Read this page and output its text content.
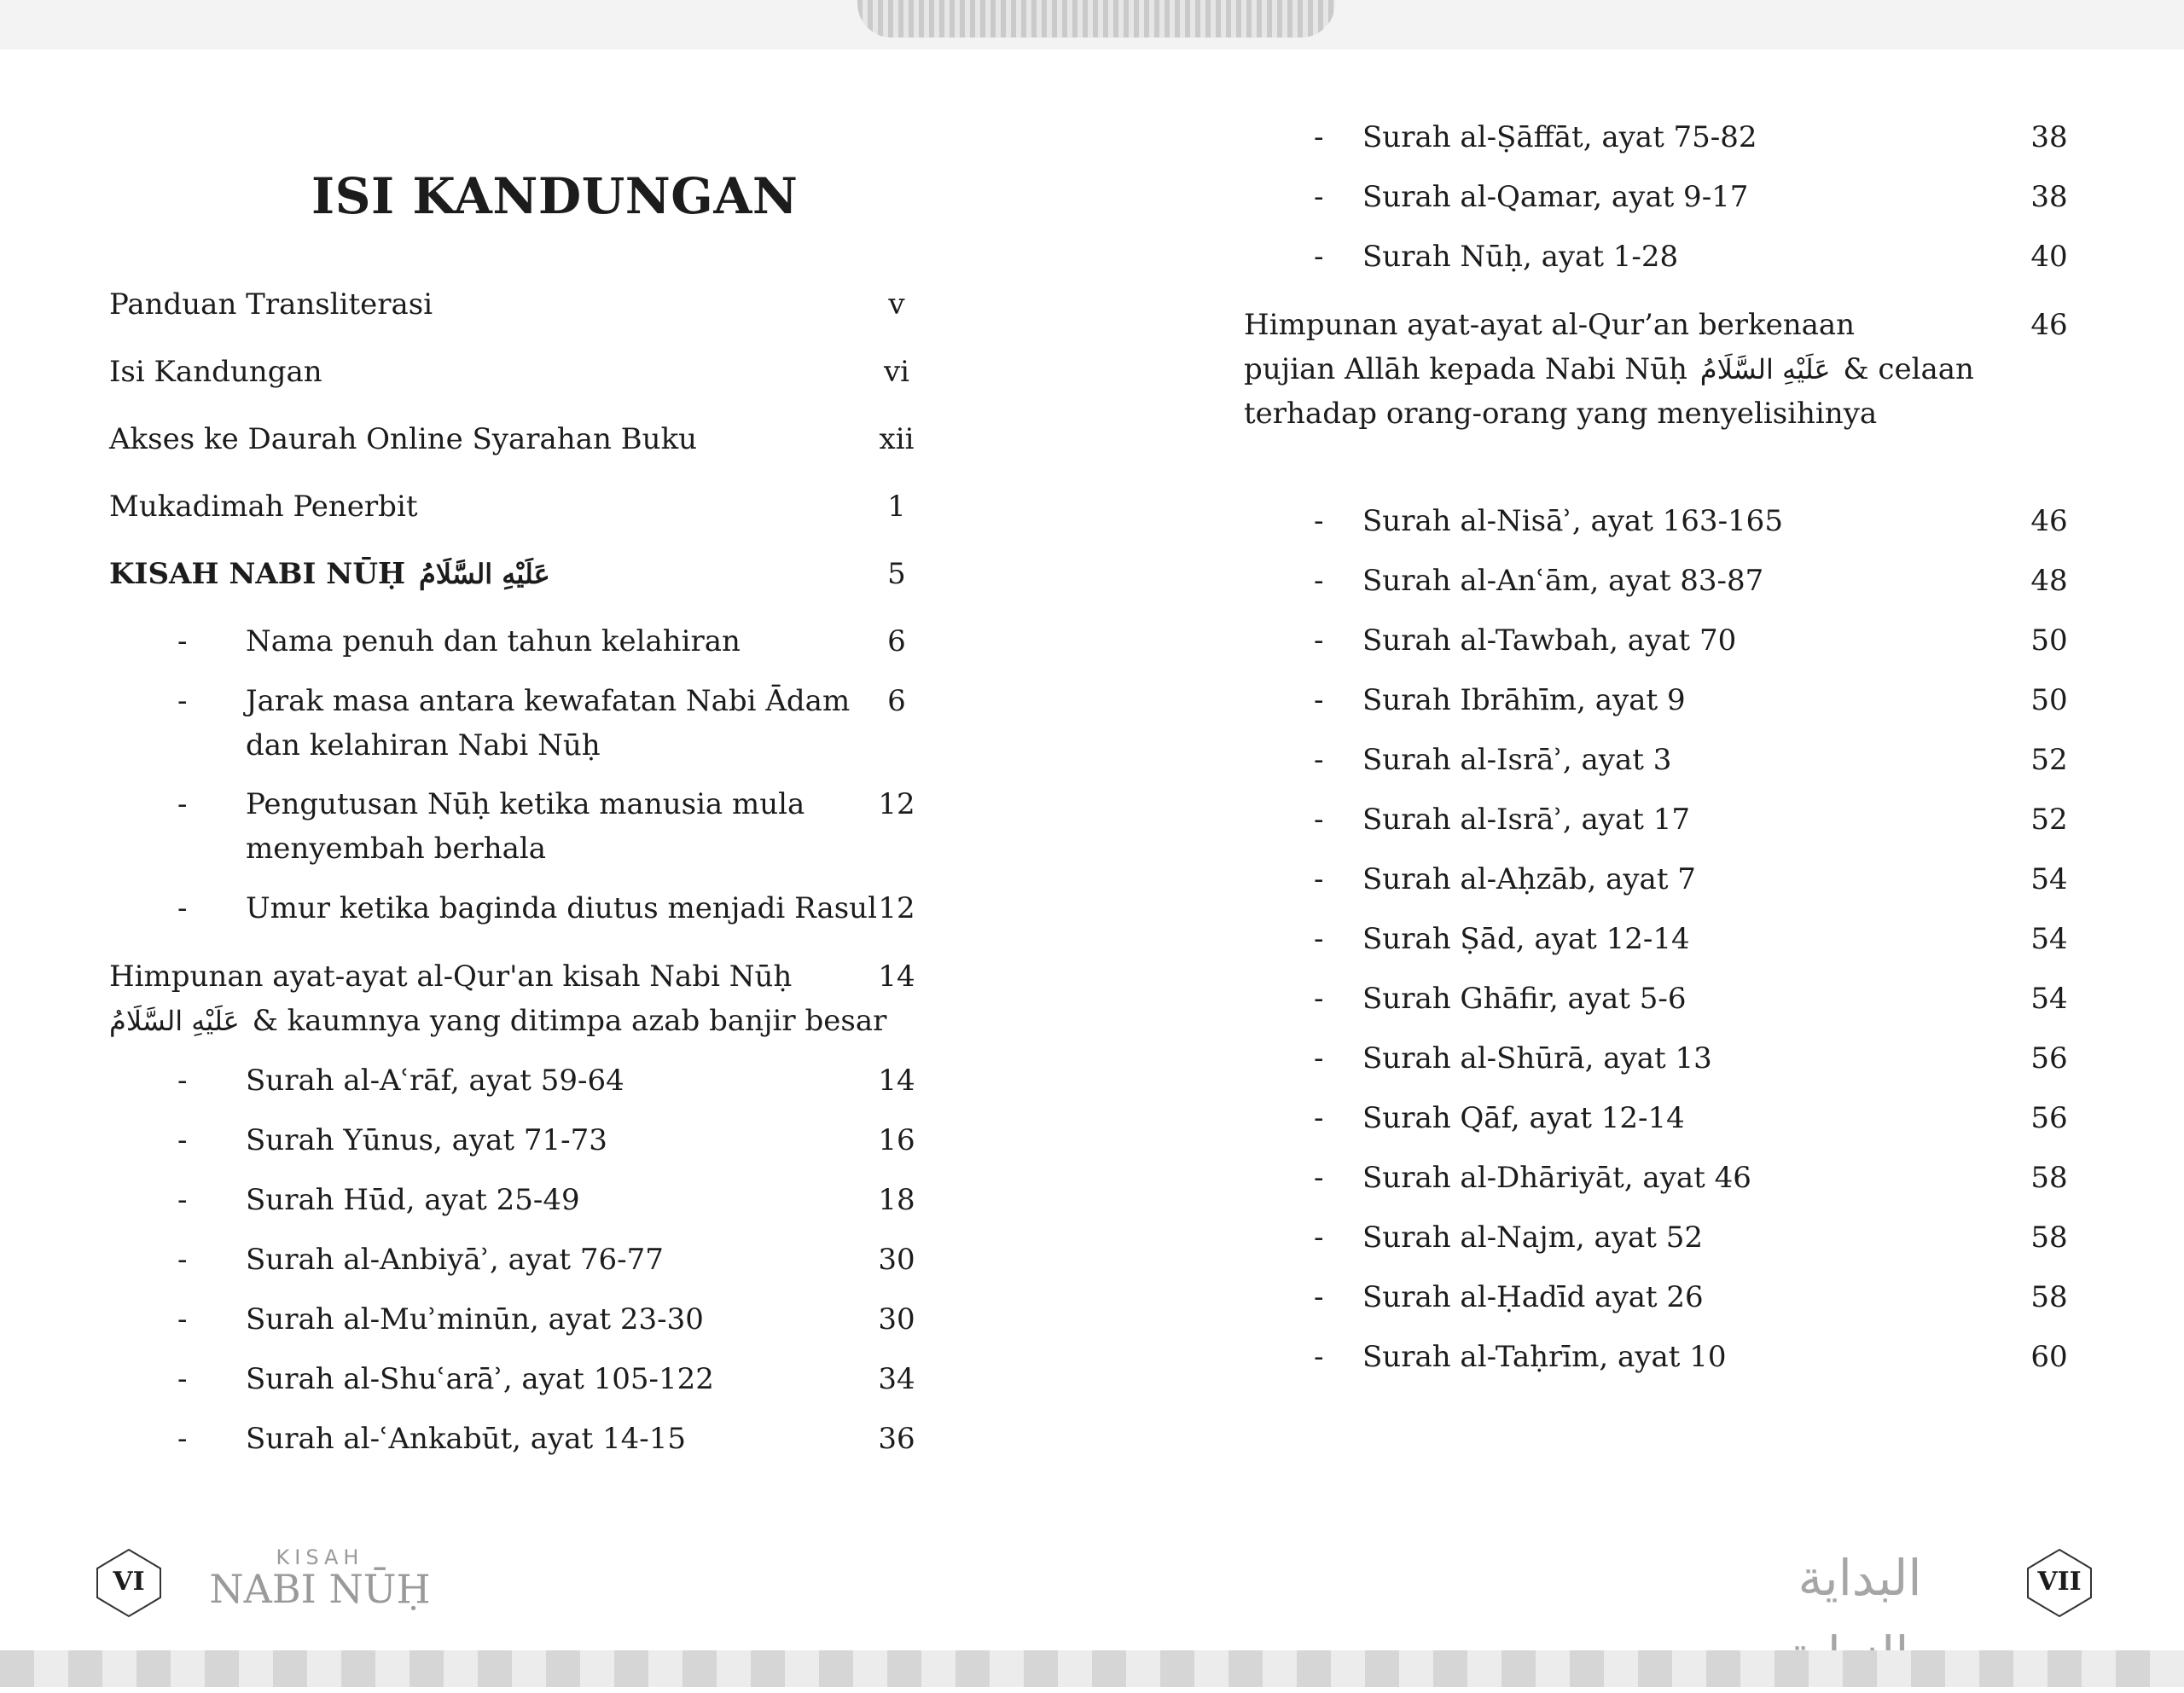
ISI KANDUNGAN
Panduan Transliterasi	v
Isi Kandungan	vi
Akses ke Daurah Online Syarahan Buku	xii
Mukadimah Penerbit	1
KISAH NABI NŪḤ عَلَيْهِ السَّلَامُ	5
- Nama penuh dan tahun kelahiran	6
- Jarak masa antara kewafatan Nabi Ādam
dan kelahiran Nabi Nūḥ
6
- Pengutusan Nūḥ ketika manusia mula
menyembah berhala
12
- Umur ketika baginda diutus menjadi Rasul 12
Himpunan ayat-ayat al-Qur'an kisah Nabi Nūḥ
عَلَيْهِ السَّلَامُ & kaumnya yang ditimpa azab banjir besar
14
- Surah al-Aʿrāf, ayat 59-64	14
- Surah Yūnus, ayat 71-73	16
- Surah Hūd, ayat 25-49	18
- Surah al-Anbiyāʾ, ayat 76-77	30
- Surah al-Muʾminūn, ayat 23-30	30
- Surah al-Shuʿarāʾ, ayat 105-122	34
- Surah al-ʿAnkabūt, ayat 14-15	36
- Surah al-Ṣāffāt, ayat 75-82	38
- Surah al-Qamar, ayat 9-17	38
- Surah Nūḥ, ayat 1-28	40
Himpunan ayat-ayat al-Qur’an berkenaan
pujian Allāh kepada Nabi Nūḥ عَلَيْهِ السَّلَامُ & celaan
terhadap orang-orang yang menyelisihinya
46
- Surah al-Nisāʾ, ayat 163-165	46
- Surah al-Anʿām, ayat 83-87	48
- Surah al-Tawbah, ayat 70	50
- Surah Ibrāhīm, ayat 9	50
- Surah al-Isrāʾ, ayat 3	52
- Surah al-Isrāʾ, ayat 17	52
- Surah al-Aḥzāb, ayat 7	54
- Surah Ṣād, ayat 12-14	54
- Surah Ghāfir, ayat 5-6	54
- Surah al-Shūrā, ayat 13	56
- Surah Qāf, ayat 12-14	56
- Surah al-Dhāriyāt, ayat 46	58
- Surah al-Najm, ayat 52	58
- Surah al-Ḥadīd ayat 26	58
- Surah al-Taḥrīm, ayat 10	60
VI
KISAH
NABI NŪḤ	البداية	VII
